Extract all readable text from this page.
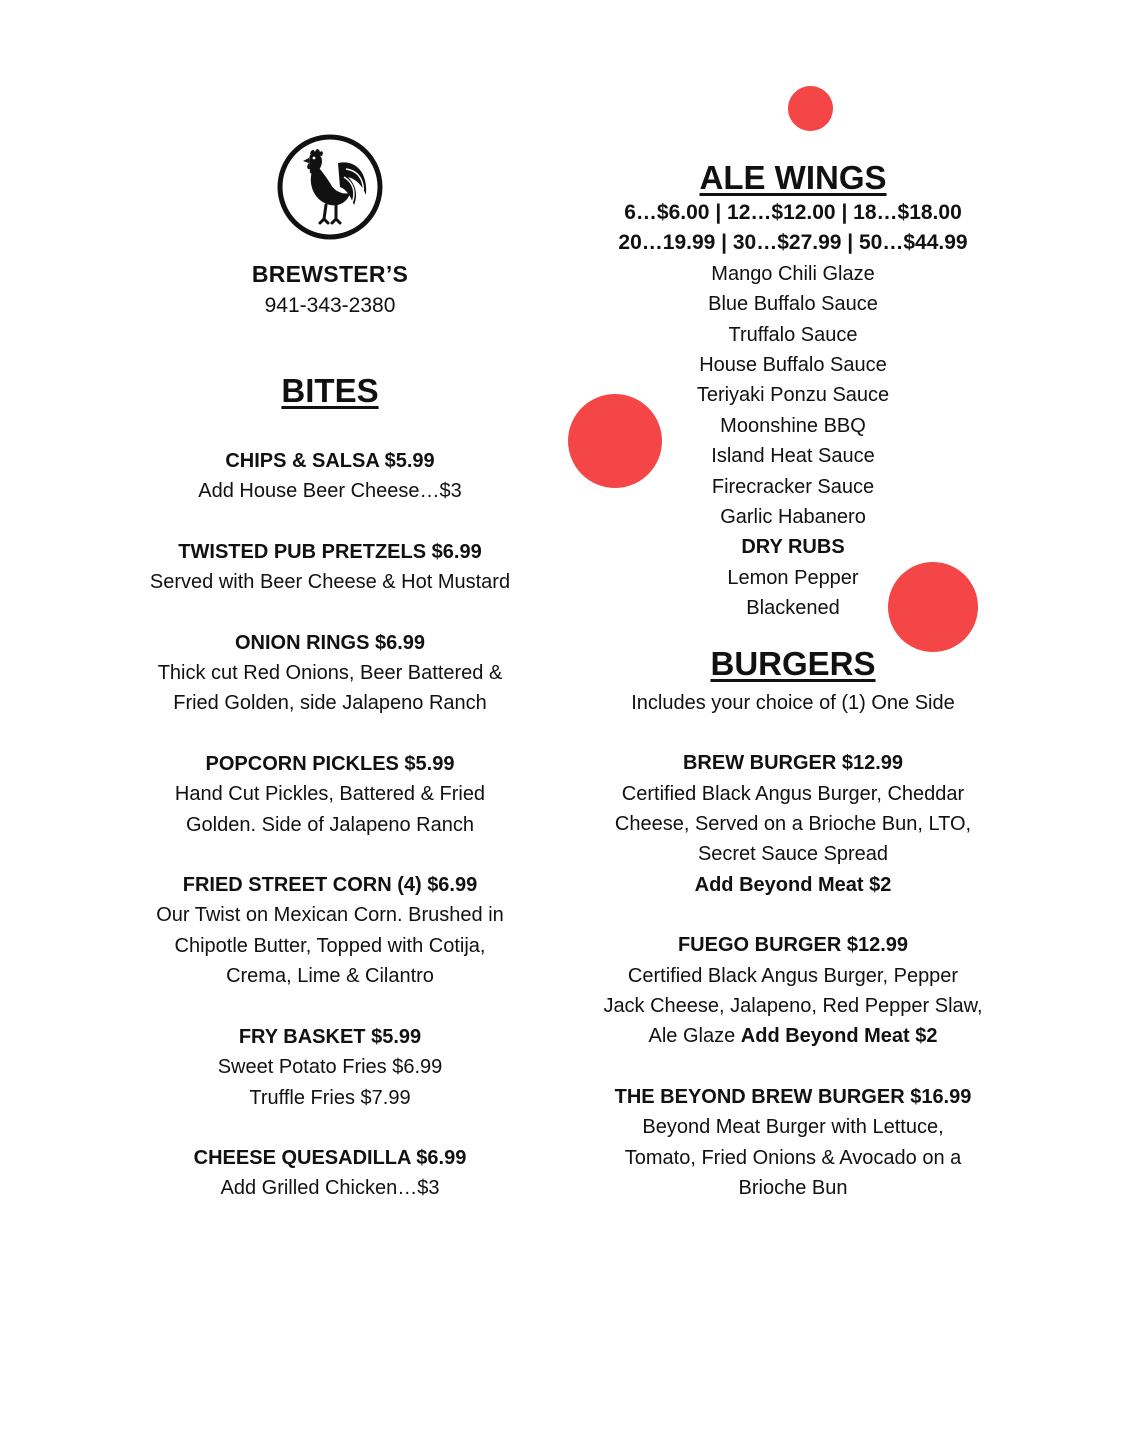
BREWSTER’S
941-343-2380
BITES
CHIPS & SALSA $5.99
Add House Beer Cheese…$3
TWISTED PUB PRETZELS $6.99
Served with Beer Cheese & Hot Mustard
ONION RINGS $6.99
Thick cut Red Onions, Beer Battered &
Fried Golden, side Jalapeno Ranch
POPCORN PICKLES $5.99
Hand Cut Pickles, Battered & Fried
Golden. Side of Jalapeno Ranch
FRIED STREET CORN (4) $6.99
Our Twist on Mexican Corn. Brushed in
Chipotle Butter, Topped with Cotija,
Crema, Lime & Cilantro
FRY BASKET $5.99
Sweet Potato Fries $6.99
Truffle Fries $7.99
CHEESE QUESADILLA $6.99
Add Grilled Chicken…$3
ALE WINGS
6…$6.00 | 12…$12.00 | 18…$18.00
20…19.99 | 30…$27.99 | 50…$44.99
Mango Chili Glaze
Blue Buffalo Sauce
Truffalo Sauce
House Buffalo Sauce
Teriyaki Ponzu Sauce
Moonshine BBQ
Island Heat Sauce
Firecracker Sauce
Garlic Habanero
DRY RUBS
Lemon Pepper
Blackened
BURGERS
Includes your choice of (1) One Side
BREW BURGER $12.99
Certified Black Angus Burger, Cheddar
Cheese, Served on a Brioche Bun, LTO,
Secret Sauce Spread
Add Beyond Meat $2
FUEGO BURGER $12.99
Certified Black Angus Burger, Pepper
Jack Cheese, Jalapeno, Red Pepper Slaw,
Ale Glaze Add Beyond Meat $2
THE BEYOND BREW BURGER $16.99
Beyond Meat Burger with Lettuce,
Tomato, Fried Onions & Avocado on a
Brioche Bun
